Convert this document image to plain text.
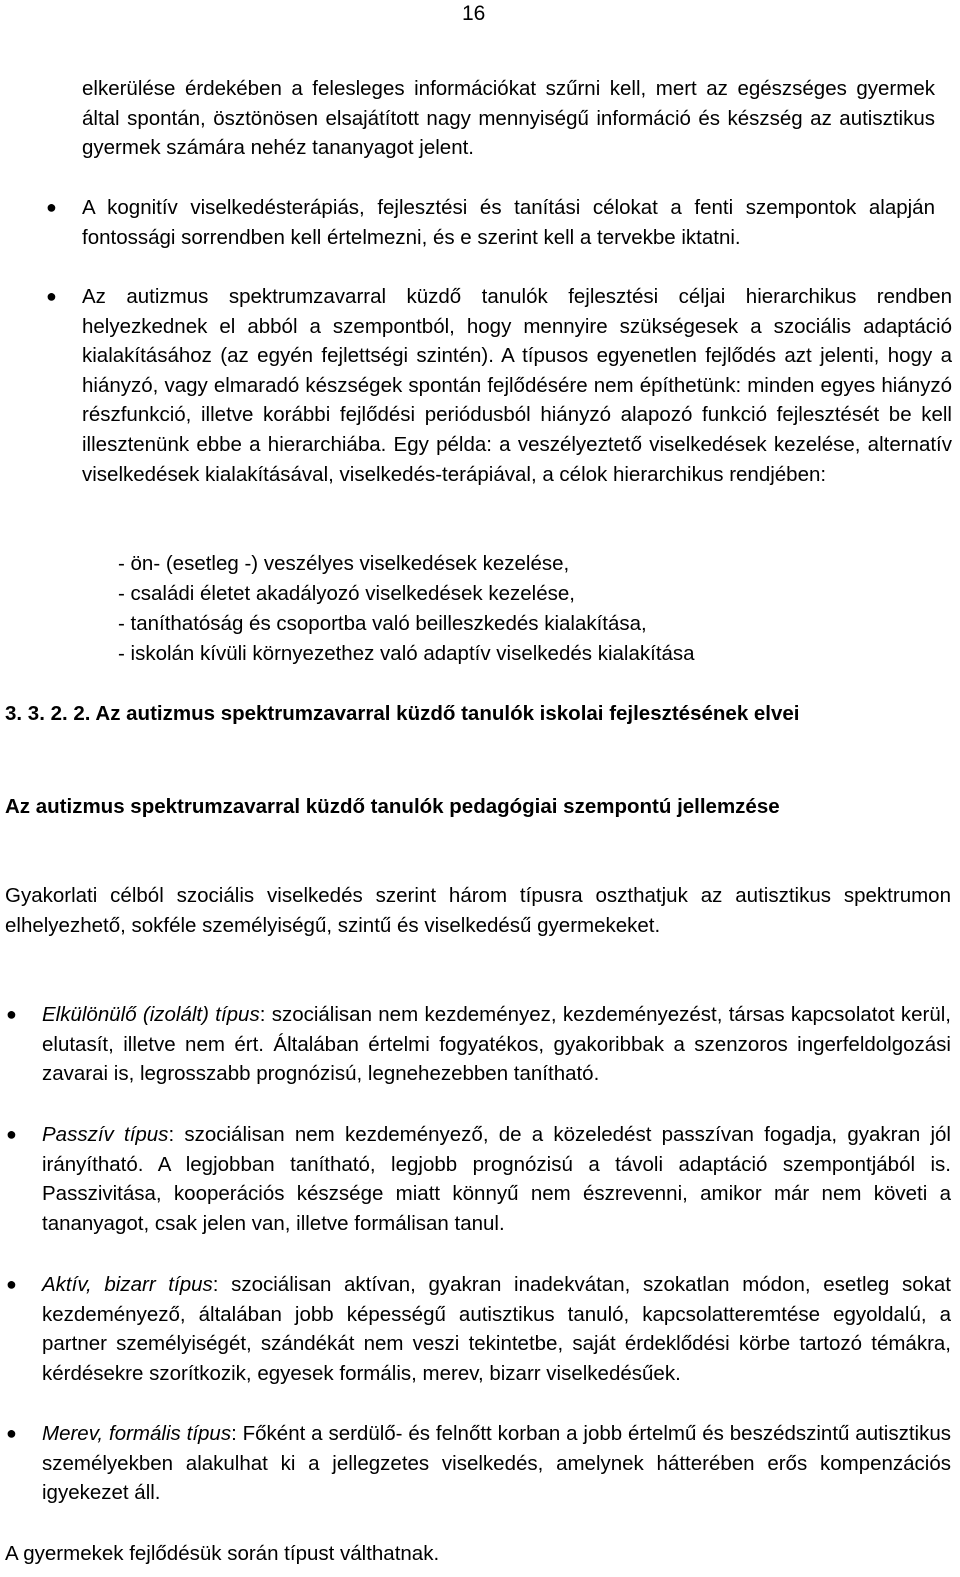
16

elkerülése érdekében a felesleges információkat szűrni kell, mert az egészséges gyermek által spontán, ösztönösen elsajátított nagy mennyiségű információ és készség az autisztikus gyermek számára nehéz tananyagot jelent.

● A kognitív viselkedésterápiás, fejlesztési és tanítási célokat a fenti szempontok alapján fontossági sorrendben kell értelmezni, és e szerint kell a tervekbe iktatni.

● Az autizmus spektrumzavarral küzdő tanulók fejlesztési céljai hierarchikus rendben helyezkednek el abból a szempontból, hogy mennyire szükségesek a szociális adaptáció kialakításához (az egyén fejlettségi szintén). A típusos egyenetlen fejlődés azt jelenti, hogy a hiányzó, vagy elmaradó készségek spontán fejlődésére nem építhetünk: minden egyes hiányzó részfunkció, illetve korábbi fejlődési periódusból hiányzó alapozó funkció fejlesztését be kell illesztenünk ebbe a hierarchiába. Egy példa: a veszélyeztető viselkedések kezelése, alternatív viselkedések kialakításával, viselkedés-terápiával, a célok hierarchikus rendjében:

- ön- (esetleg -) veszélyes viselkedések kezelése,

- családi életet akadályozó viselkedések kezelése,

- taníthatóság és csoportba való beilleszkedés kialakítása,

- iskolán kívüli környezethez való adaptív viselkedés kialakítása

3. 3. 2. 2. Az autizmus spektrumzavarral küzdő tanulók iskolai fejlesztésének elvei

Az autizmus spektrumzavarral küzdő tanulók pedagógiai szempontú jellemzése

Gyakorlati célból szociális viselkedés szerint három típusra oszthatjuk az autisztikus spektrumon elhelyezhető, sokféle személyiségű, szintű és viselkedésű gyermekeket.

● Elkülönülő (izolált) típus: szociálisan nem kezdeményez, kezdeményezést, társas kapcsolatot kerül, elutasít, illetve nem ért. Általában értelmi fogyatékos, gyakoribbak a szenzoros ingerfeldolgozási zavarai is, legrosszabb prognózisú, legnehezebben tanítható.

● Passzív típus: szociálisan nem kezdeményező, de a közeledést passzívan fogadja, gyakran jól irányítható. A legjobban tanítható, legjobb prognózisú a távoli adaptáció szempontjából is. Passzivitása, kooperációs készsége miatt könnyű nem észrevenni, amikor már nem követi a tananyagot, csak jelen van, illetve formálisan tanul.

● Aktív, bizarr típus: szociálisan aktívan, gyakran inadekvátan, szokatlan módon, esetleg sokat kezdeményező, általában jobb képességű autisztikus tanuló, kapcsolatteremtése egyoldalú, a partner személyiségét, szándékát nem veszi tekintetbe, saját érdeklődési körbe tartozó témákra, kérdésekre szorítkozik, egyesek formális, merev, bizarr viselkedésűek.

● Merev, formális típus: Főként a serdülő- és felnőtt korban a jobb értelmű és beszédszintű autisztikus személyekben alakulhat ki a jellegzetes viselkedés, amelynek hátterében erős kompenzációs igyekezet áll.

A gyermekek fejlődésük során típust válthatnak.
